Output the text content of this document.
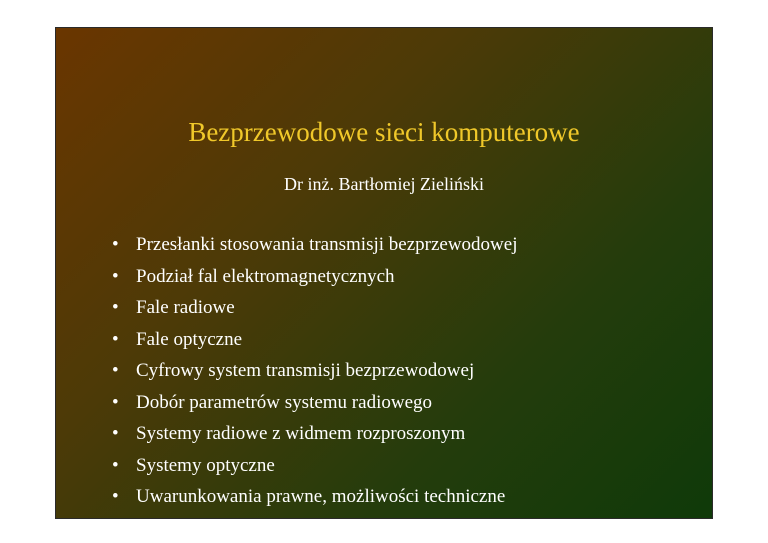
Bezprzewodowe sieci komputerowe
Dr inż. Bartłomiej Zieliński
• Przesłanki stosowania transmisji bezprzewodowej
• Podział fal elektromagnetycznych
• Fale radiowe
• Fale optyczne
• Cyfrowy system transmisji bezprzewodowej
• Dobór parametrów systemu radiowego
• Systemy radiowe z widmem rozproszonym
• Systemy optyczne
• Uwarunkowania prawne, możliwości techniczne
